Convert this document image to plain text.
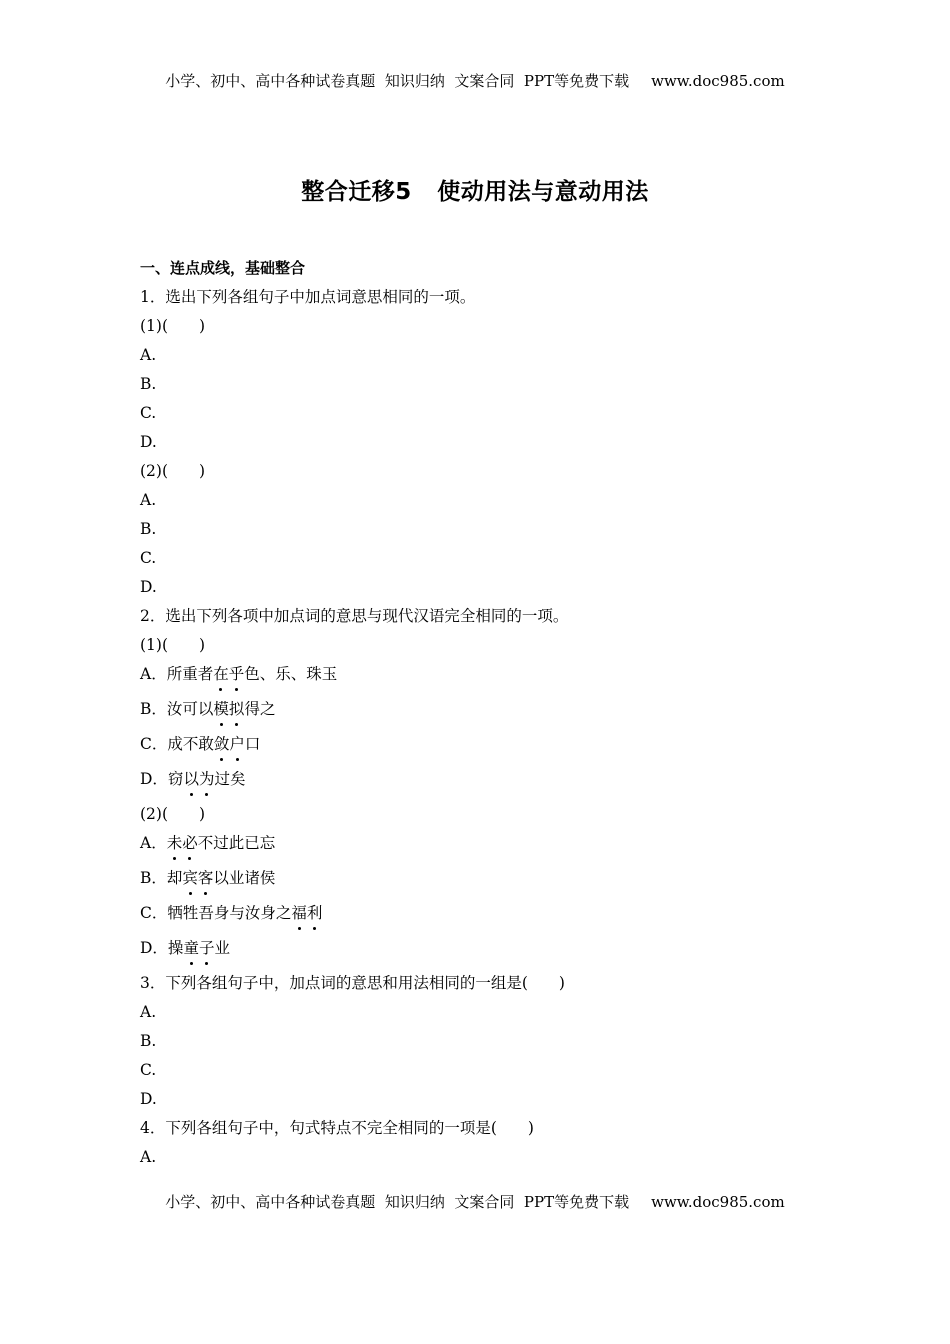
小学、初中、高中各种试卷真题  知识归纳  文案合同  PPT等免费下载 www.doc985.com
整合迁移5   使动用法与意动用法
一、连点成线，基础整合
1．选出下列各组句子中加点词意思相同的一项。
(1)(　　)
A.
B.
C.
D.
(2)(　　)
A.
B.
C.
D.
2．选出下列各项中加点词的意思与现代汉语完全相同的一项。
(1)(　　)
A．所重者在乎色、乐、珠玉
B．汝可以模拟得之
C．成不敢敛户口
D．窃以为过矣
(2)(　　)
A．未必不过此已忘
B．却宾客以业诸侯
C．牺牲吾身与汝身之福利
D．操童子业
3．下列各组句子中，加点词的意思和用法相同的一组是(　　)
A.
B.
C.
D.
4．下列各组句子中，句式特点不完全相同的一项是(　　)
A.
小学、初中、高中各种试卷真题  知识归纳  文案合同  PPT等免费下载 www.doc985.com
